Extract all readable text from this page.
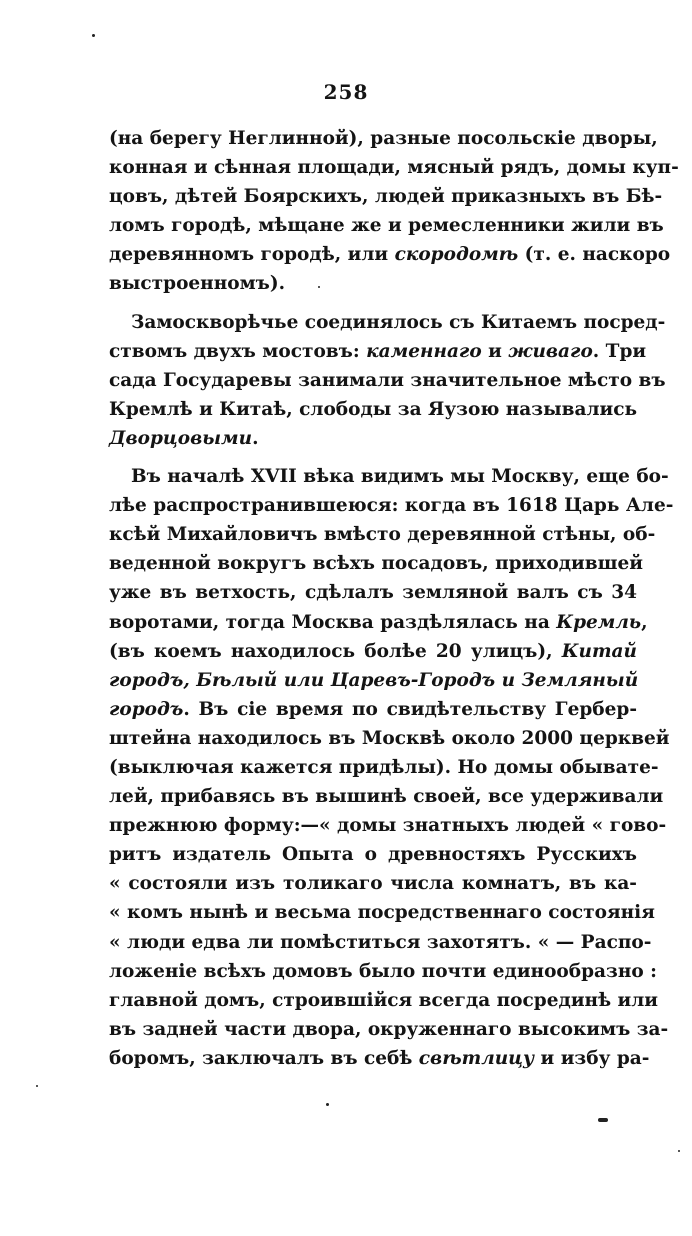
258
(на берегу Неглинной), разные посольскіе дворы,
конная и сѣнная площади, мясный рядъ, домы куп-
цовъ, дѣтей Боярскихъ, людей приказныхъ въ Бѣ-
ломъ городѣ, мѣщане же и ремесленники жили въ
деревянномъ городѣ, или скородомѣ (т. е. наскоро
выстроенномъ).
Замоскворѣчье соединялось съ Китаемъ посред-
ствомъ двухъ мостовъ: каменнаго и живаго. Три
сада Государевы занимали значительное мѣсто въ
Кремлѣ и Китаѣ, слободы за Яузою назывались
Дворцовыми.
Въ началѣ XVII вѣка видимъ мы Москву, еще бо-
лѣе распространившеюся: когда въ 1618 Царь Але-
ксѣй Михайловичъ вмѣсто деревянной стѣны, об-
веденной вокругъ всѣхъ посадовъ, приходившей
уже въ ветхость, сдѣлалъ земляной валъ съ 34
воротами, тогда Москва раздѣлялась на Кремль,
(въ коемъ находилось болѣе 20 улицъ), Китай
городъ, Бѣлый или Царевъ-Городъ и Земляный
городъ. Въ сіе время по свидѣтельству Гербер-
штейна находилось въ Москвѣ около 2000 церквей
(выключая кажется придѣлы). Но домы обывате-
лей, прибавясь въ вышинѣ своей, все удерживали
прежнюю форму:—« домы знатныхъ людей « гово-
ритъ издатель Опыта о древностяхъ Русскихъ
« состояли изъ толикаго числа комнатъ, въ ка-
« комъ нынѣ и весьма посредственнаго состоянія
« люди едва ли помѣститься захотятъ. « — Распо-
ложеніе всѣхъ домовъ было почти единообразно :
главной домъ, строившійся всегда посрединѣ или
въ задней части двора, окруженнаго высокимъ за-
боромъ, заключалъ въ себѣ свѣтлицу и избу ра-
